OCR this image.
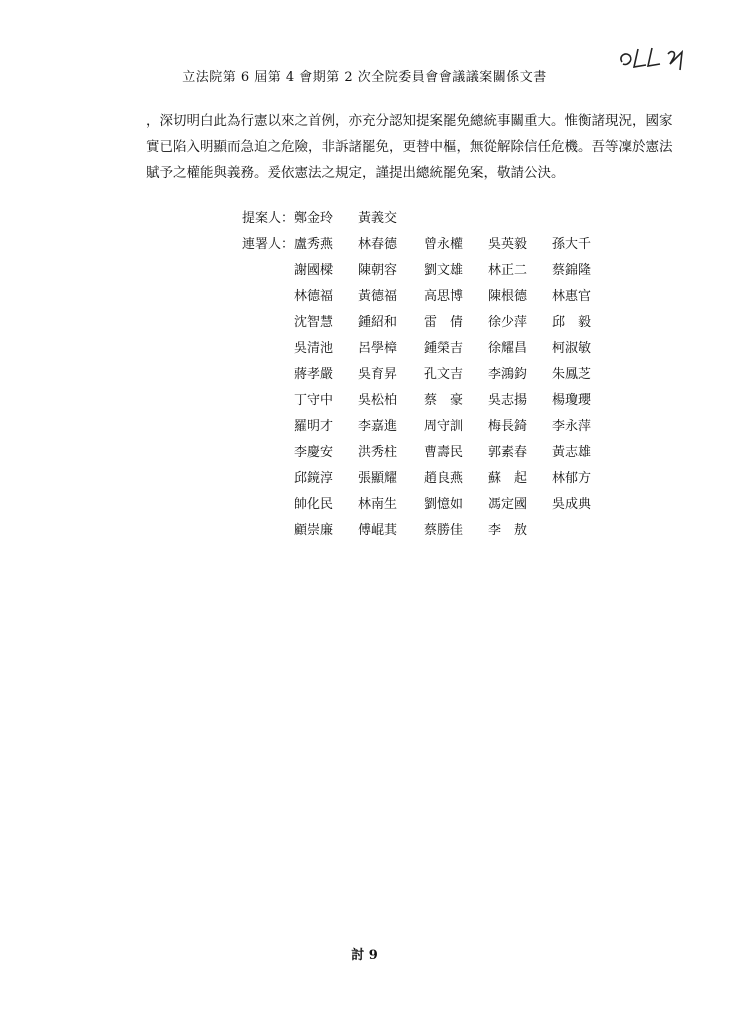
立法院第 6 屆第 4 會期第 2 次全院委員會會議議案關係文書
，深切明白此為行憲以來之首例，亦充分認知提案罷免總統事關重大。惟衡諸現況，國家
實已陷入明顯而急迫之危險，非訴諸罷免，更替中樞，無從解除信任危機。吾等凜於憲法
賦予之權能與義務。爰依憲法之規定，謹提出總統罷免案，敬請公決。
提案人： 鄭金玲	黃義交
連署人： 盧秀燕	林春德	曾永權	吳英毅	孫大千
謝國樑	陳朝容	劉文雄	林正二	蔡錦隆
林德福	黃德福	高思博	陳根德	林惠官
沈智慧	鍾紹和	雷　倩	徐少萍	邱　毅
吳清池	呂學樟	鍾榮吉	徐耀昌	柯淑敏
蔣孝嚴	吳育昇	孔文吉	李鴻鈞	朱鳳芝
丁守中	吳松柏	蔡　豪	吳志揚	楊瓊瓔
羅明才	李嘉進	周守訓	梅長錡	李永萍
李慶安	洪秀柱	曹壽民	郭素春	黃志雄
邱鏡淳	張顯耀	趙良燕	蘇　起	林郁方
帥化民	林南生	劉憶如	馮定國	吳成典
顧崇廉	傅崐萁	蔡勝佳	李　敖
討 9
